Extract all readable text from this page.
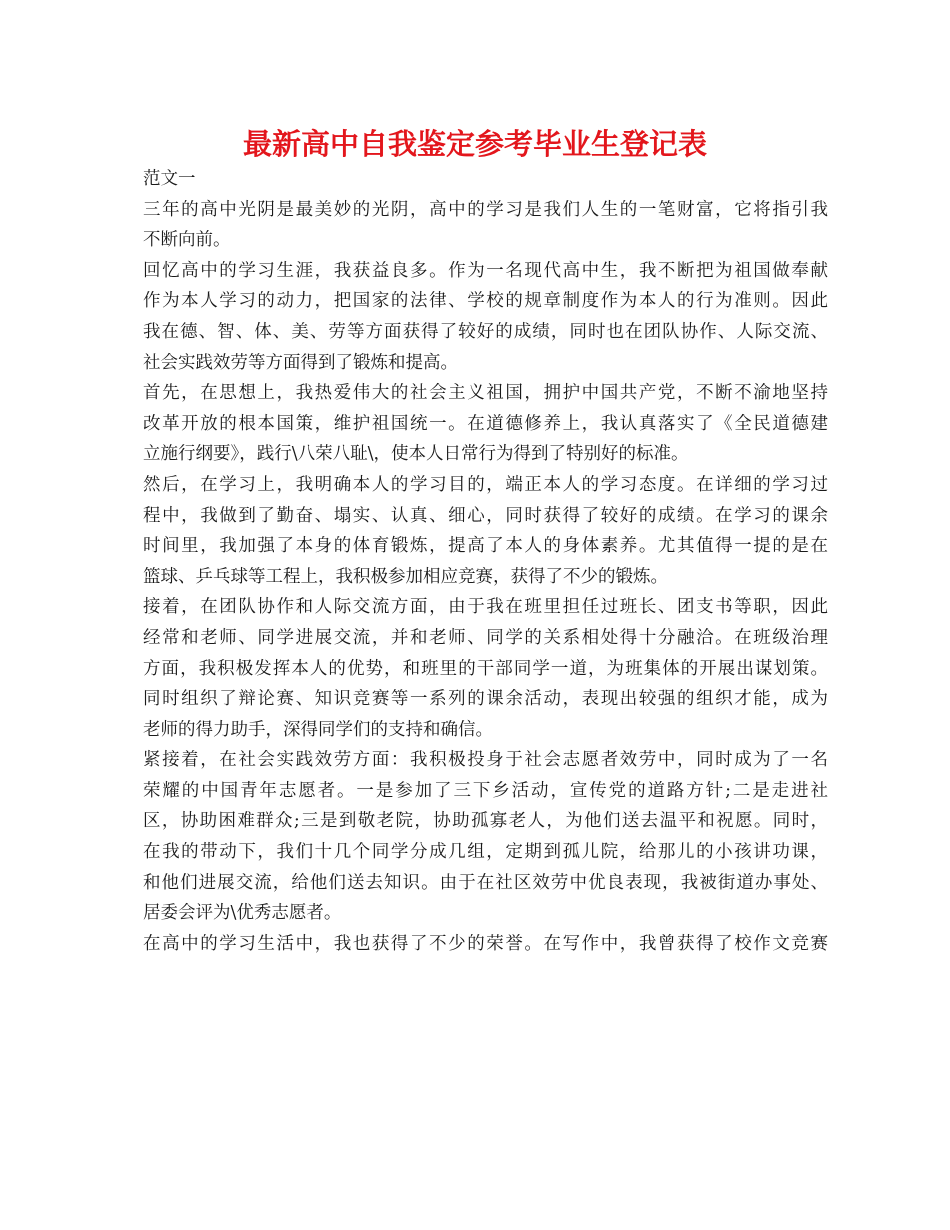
最新高中自我鉴定参考毕业生登记表

范文一

三年的高中光阴是最美妙的光阴，高中的学习是我们人生的一笔财富，它将指引我
不断向前。

回忆高中的学习生涯，我获益良多。作为一名现代高中生，我不断把为祖国做奉献
作为本人学习的动力，把国家的法律、学校的规章制度作为本人的行为准则。因此
我在德、智、体、美、劳等方面获得了较好的成绩，同时也在团队协作、人际交流、
社会实践效劳等方面得到了锻炼和提高。

首先，在思想上，我热爱伟大的社会主义祖国，拥护中国共产党，不断不渝地坚持
改革开放的根本国策，维护祖国统一。在道德修养上，我认真落实了《全民道德建
立施行纲要》，践行\八荣八耻\，使本人日常行为得到了特别好的标准。

然后，在学习上，我明确本人的学习目的，端正本人的学习态度。在详细的学习过
程中，我做到了勤奋、塌实、认真、细心，同时获得了较好的成绩。在学习的课余
时间里，我加强了本身的体育锻炼，提高了本人的身体素养。尤其值得一提的是在
篮球、乒乓球等工程上，我积极参加相应竞赛，获得了不少的锻炼。

接着，在团队协作和人际交流方面，由于我在班里担任过班长、团支书等职，因此
经常和老师、同学进展交流，并和老师、同学的关系相处得十分融洽。在班级治理
方面，我积极发挥本人的优势，和班里的干部同学一道，为班集体的开展出谋划策。
同时组织了辩论赛、知识竞赛等一系列的课余活动，表现出较强的组织才能，成为
老师的得力助手，深得同学们的支持和确信。

紧接着，在社会实践效劳方面：我积极投身于社会志愿者效劳中，同时成为了一名
荣耀的中国青年志愿者。一是参加了三下乡活动，宣传党的道路方针;二是走进社
区，协助困难群众;三是到敬老院，协助孤寡老人，为他们送去温平和祝愿。同时，
在我的带动下，我们十几个同学分成几组，定期到孤儿院，给那儿的小孩讲功课，
和他们进展交流，给他们送去知识。由于在社区效劳中优良表现，我被街道办事处、
居委会评为\优秀志愿者。

在高中的学习生活中，我也获得了不少的荣誉。在写作中，我曾获得了校作文竞赛
